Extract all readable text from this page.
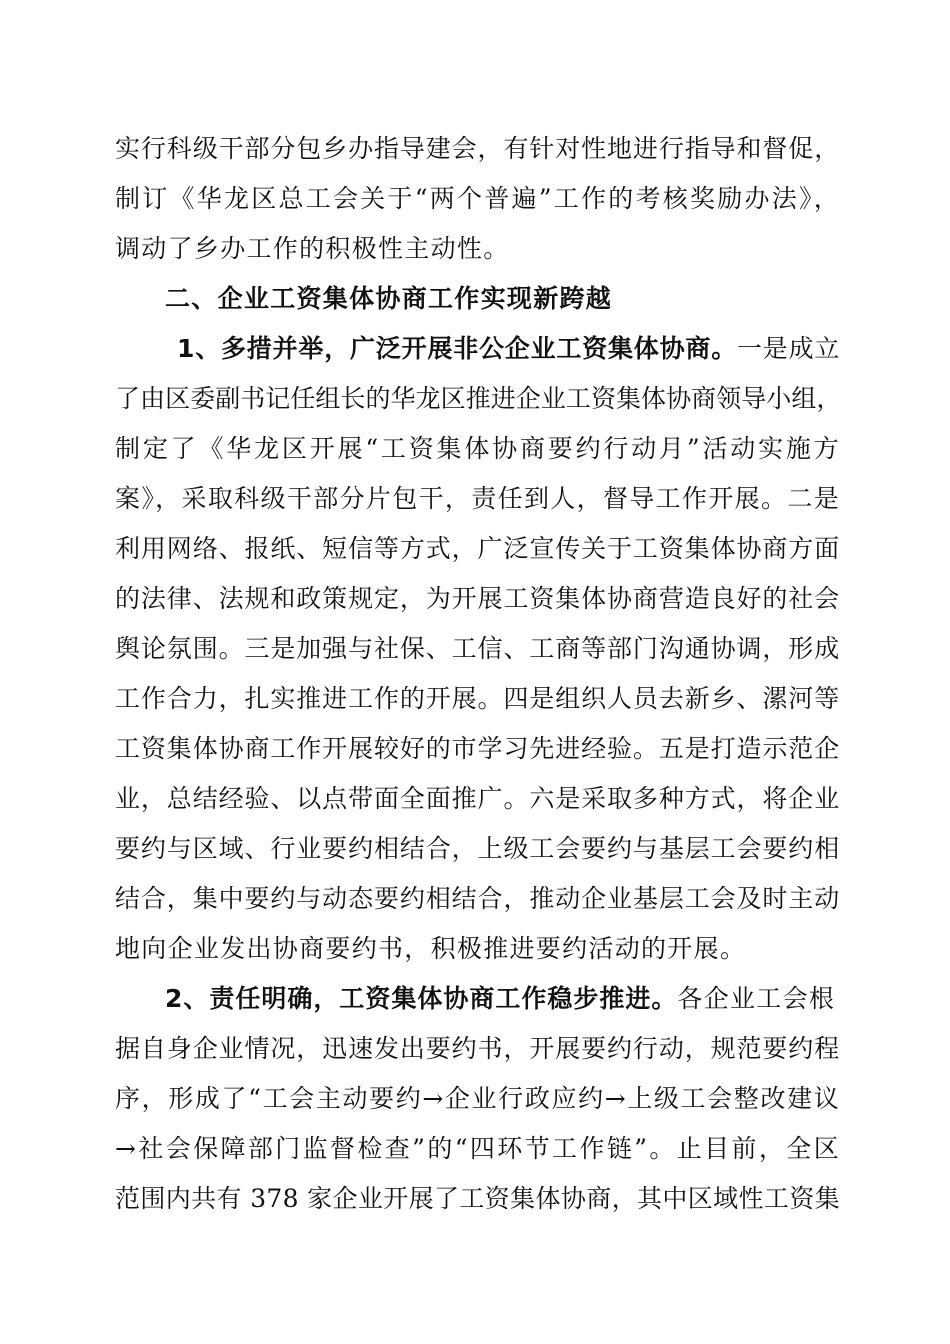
实行科级干部分包乡办指导建会，有针对性地进行指导和督促，
制订《华龙区总工会关于“两个普遍”工作的考核奖励办法》，
调动了乡办工作的积极性主动性。
二、企业工资集体协商工作实现新跨越
1、多措并举，广泛开展非公企业工资集体协商。一是成立
了由区委副书记任组长的华龙区推进企业工资集体协商领导小组，
制定了《华龙区开展“工资集体协商要约行动月”活动实施方
案》，采取科级干部分片包干，责任到人，督导工作开展。二是
利用网络、报纸、短信等方式，广泛宣传关于工资集体协商方面
的法律、法规和政策规定，为开展工资集体协商营造良好的社会
舆论氛围。三是加强与社保、工信、工商等部门沟通协调，形成
工作合力，扎实推进工作的开展。四是组织人员去新乡、漯河等
工资集体协商工作开展较好的市学习先进经验。五是打造示范企
业，总结经验、以点带面全面推广。六是采取多种方式，将企业
要约与区域、行业要约相结合，上级工会要约与基层工会要约相
结合，集中要约与动态要约相结合，推动企业基层工会及时主动
地向企业发出协商要约书，积极推进要约活动的开展。
2、责任明确，工资集体协商工作稳步推进。各企业工会根
据自身企业情况，迅速发出要约书，开展要约行动，规范要约程
序，形成了“工会主动要约→企业行政应约→上级工会整改建议
→社会保障部门监督检查”的“四环节工作链”。止目前，全区
范围内共有 378 家企业开展了工资集体协商，其中区域性工资集
